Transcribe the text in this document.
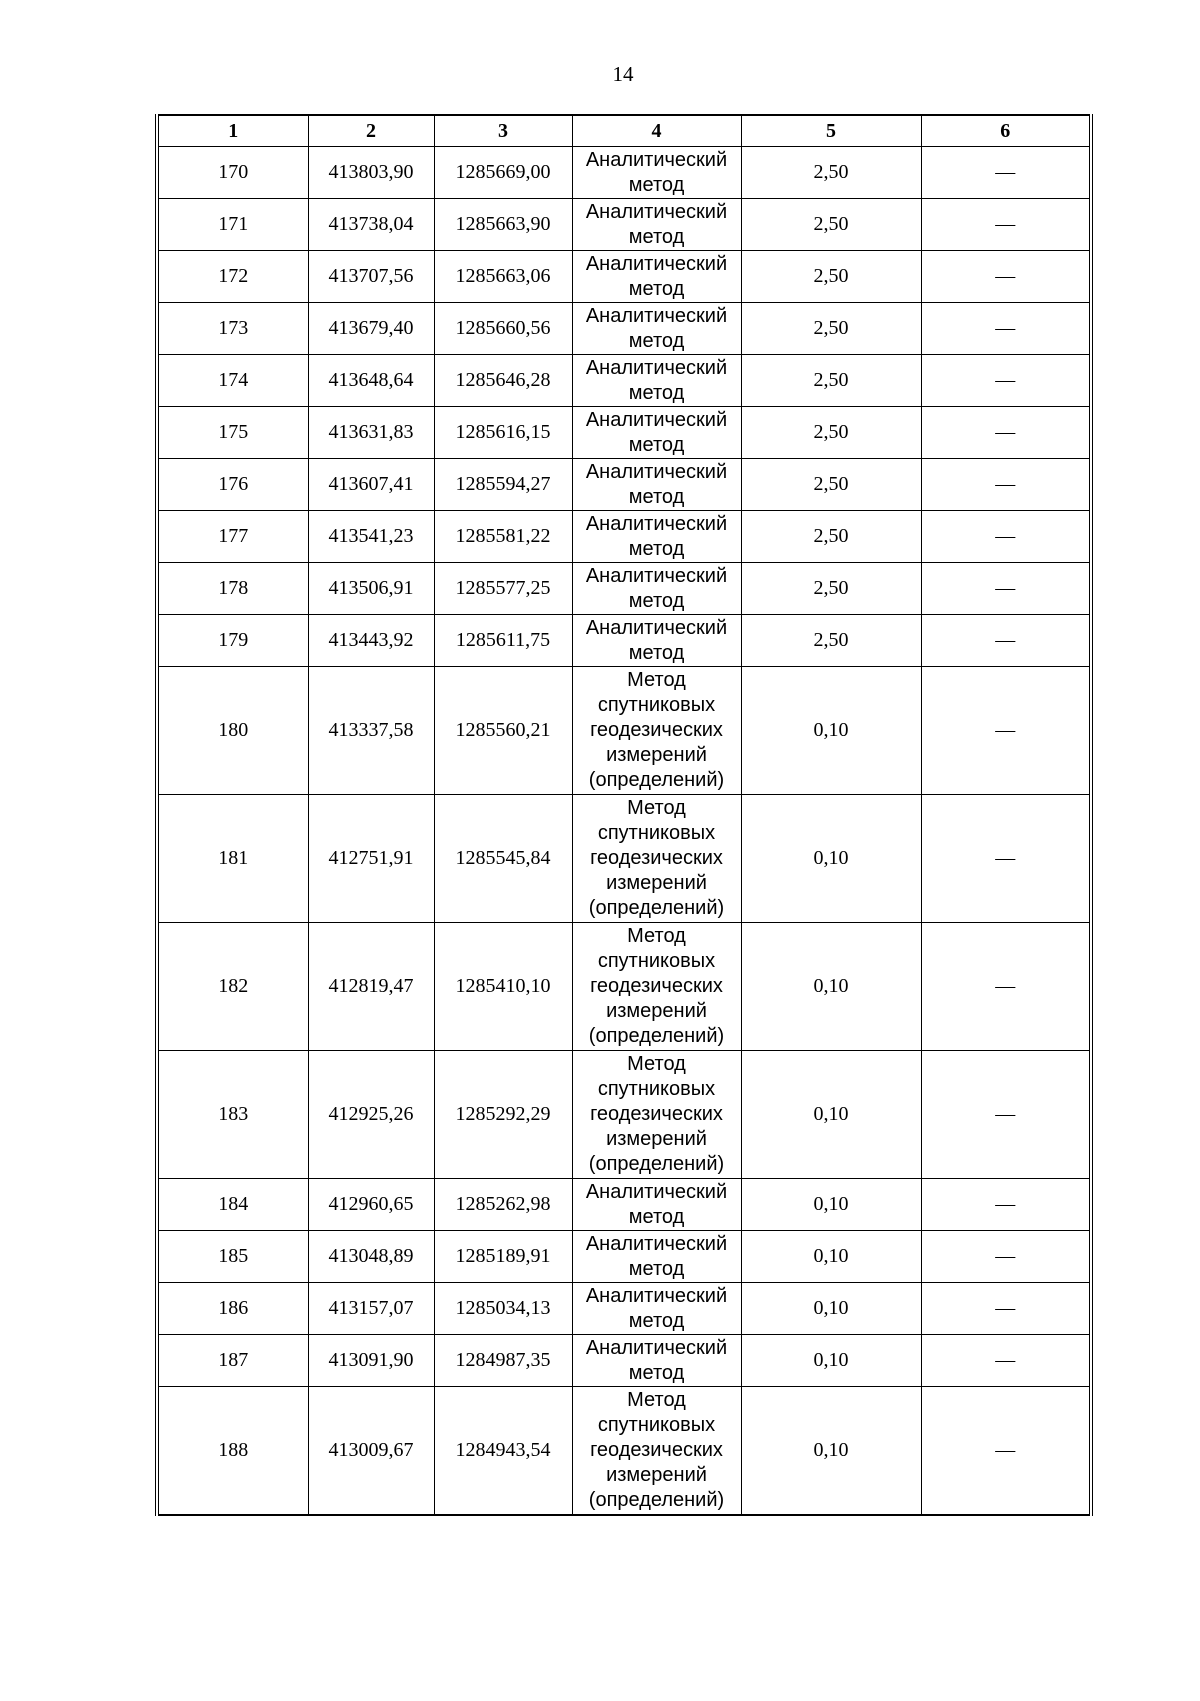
14
1	2	3	4	5	6
170	413803,90	1285669,00	Аналитический
метод	2,50	—
171	413738,04	1285663,90	Аналитический
метод	2,50	—
172	413707,56	1285663,06	Аналитический
метод	2,50	—
173	413679,40	1285660,56	Аналитический
метод	2,50	—
174	413648,64	1285646,28	Аналитический
метод	2,50	—
175	413631,83	1285616,15	Аналитический
метод	2,50	—
176	413607,41	1285594,27	Аналитический
метод	2,50	—
177	413541,23	1285581,22	Аналитический
метод	2,50	—
178	413506,91	1285577,25	Аналитический
метод	2,50	—
179	413443,92	1285611,75	Аналитический
метод	2,50	—
180	413337,58	1285560,21	Метод
спутниковых
геодезических
измерений
(определений)	0,10	—
181	412751,91	1285545,84	Метод
спутниковых
геодезических
измерений
(определений)	0,10	—
182	412819,47	1285410,10	Метод
спутниковых
геодезических
измерений
(определений)	0,10	—
183	412925,26	1285292,29	Метод
спутниковых
геодезических
измерений
(определений)	0,10	—
184	412960,65	1285262,98	Аналитический
метод	0,10	—
185	413048,89	1285189,91	Аналитический
метод	0,10	—
186	413157,07	1285034,13	Аналитический
метод	0,10	—
187	413091,90	1284987,35	Аналитический
метод	0,10	—
188	413009,67	1284943,54	Метод
спутниковых
геодезических
измерений
(определений)	0,10	—
